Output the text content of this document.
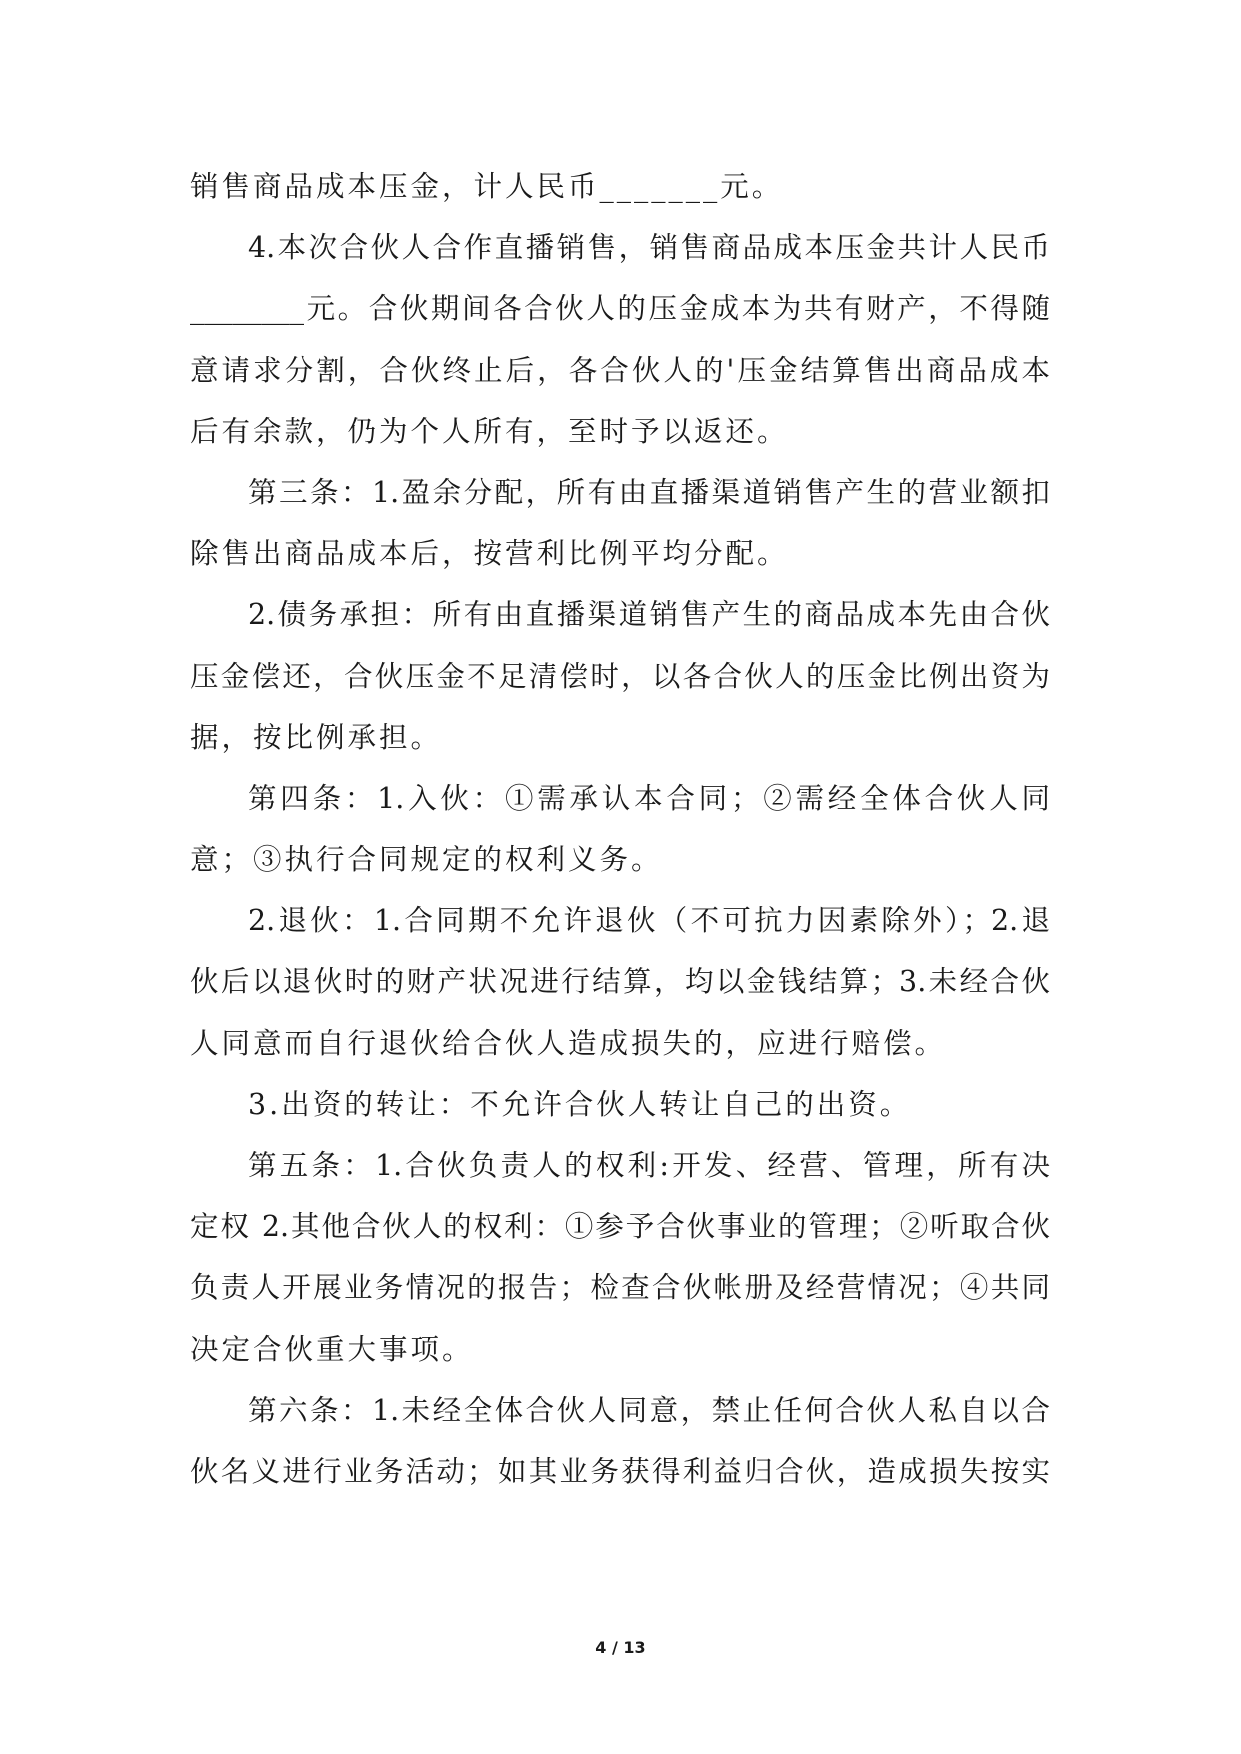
销售商品成本压金，计人民币_______元。
4.本次合伙人合作直播销售，销售商品成本压金共计人民币
________元。合伙期间各合伙人的压金成本为共有财产，不得随
意请求分割，合伙终止后，各合伙人的'压金结算售出商品成本
后有余款，仍为个人所有，至时予以返还。
第三条：1.盈余分配，所有由直播渠道销售产生的营业额扣
除售出商品成本后，按营利比例平均分配。
2.债务承担：所有由直播渠道销售产生的商品成本先由合伙
压金偿还，合伙压金不足清偿时，以各合伙人的压金比例出资为
据，按比例承担。
第四条：1.入伙：①需承认本合同；②需经全体合伙人同
意；③执行合同规定的权利义务。
2.退伙：1.合同期不允许退伙（不可抗力因素除外）；2.退
伙后以退伙时的财产状况进行结算，均以金钱结算；3.未经合伙
人同意而自行退伙给合伙人造成损失的，应进行赔偿。
3.出资的转让：不允许合伙人转让自己的出资。
第五条：1.合伙负责人的权利:开发、经营、管理，所有决
定权 2.其他合伙人的权利：①参予合伙事业的管理；②听取合伙
负责人开展业务情况的报告；检查合伙帐册及经营情况；④共同
决定合伙重大事项。
第六条：1.未经全体合伙人同意，禁止任何合伙人私自以合
伙名义进行业务活动；如其业务获得利益归合伙，造成损失按实
4 / 13
